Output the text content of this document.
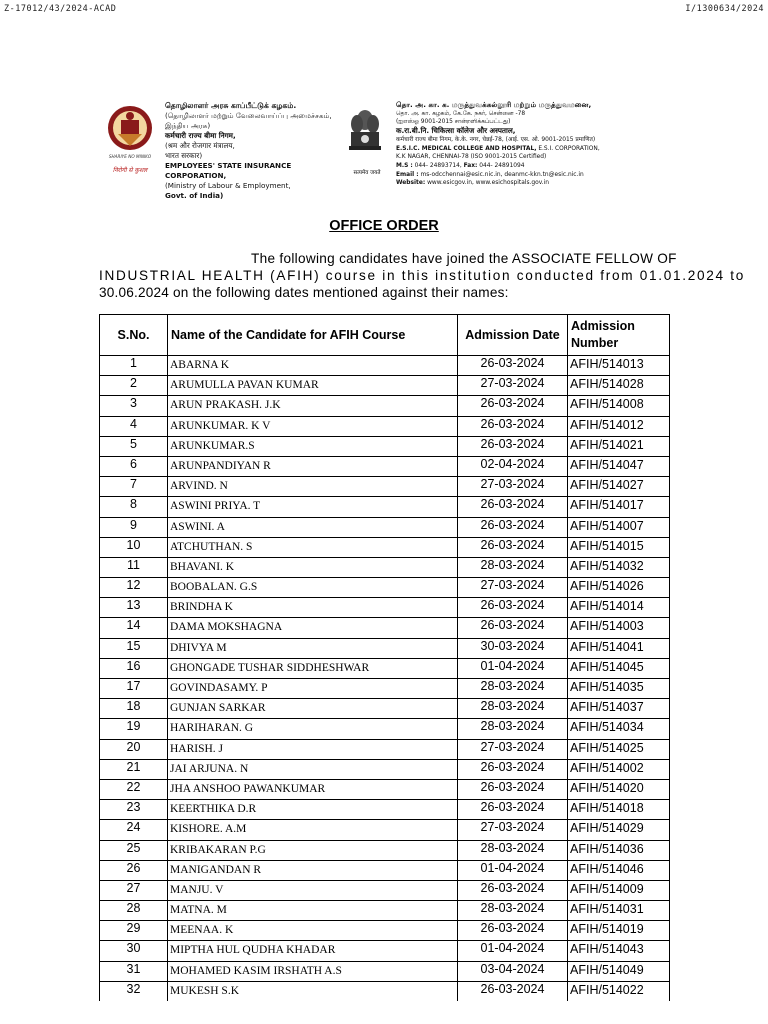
Z-17012/43/2024-ACAD	I/1300634/2024
SHARIYE NO MINIKO
निरोगी से कुशल
தொழிலாளர் அரசு காப்பீட்டுக் கழகம்.
(தொழிலாளர் மற்றும் வேலைவாய்ப்பு அமைச்சகம்,
இந்திய அரசு)
कर्मचारी राज्य बीमा निगम,
(श्रम और रोजगार मंत्रालय,
भारत सरकार)
EMPLOYEES' STATE INSURANCE CORPORATION,
(Ministry of Labour & Employment,
Govt. of India)
सत्यमेव जयते
தொ. அ. கா. க. மருத்துவக்கல்லூரி மற்றும் மருத்துவமனை,
தொ. அ. கா. கழகம், கே.கே. நகர், சென்னை -78
(ஐஎஸ்ஓ 9001-2015 சான்றளிக்கப்பட்டது)
क.रा.बी.नि. चिकित्सा कॉलेज और अस्पताल,
कर्मचारी राज्य बीमा निगम, के.के. नगर, चेन्नई-78, (आई. एस. ओ. 9001-2015 प्रमाणित)
E.S.I.C. MEDICAL COLLEGE AND HOSPITAL, E.S.I. CORPORATION,
K.K NAGAR, CHENNAI-78 (ISO 9001-2015 Certified)
M.S : 044- 24893714, Fax: 044- 24891094
Email : ms-odcchennai@esic.nic.in, deanmc-kkn.tn@esic.nic.in
Website: www.esicgov.in, www.esichospitals.gov.in
OFFICE ORDER
The following candidates have joined the ASSOCIATE FELLOW OF
INDUSTRIAL HEALTH (AFIH) course in this institution conducted from 01.01.2024 to
30.06.2024 on the following dates mentioned against their names:
S.No.	Name of the Candidate for AFIH Course	Admission Date	Admission Number
1	ABARNA K	26-03-2024	AFIH/514013
2	ARUMULLA PAVAN KUMAR	27-03-2024	AFIH/514028
3	ARUN PRAKASH. J.K	26-03-2024	AFIH/514008
4	ARUNKUMAR. K V	26-03-2024	AFIH/514012
5	ARUNKUMAR.S	26-03-2024	AFIH/514021
6	ARUNPANDIYAN R	02-04-2024	AFIH/514047
7	ARVIND. N	27-03-2024	AFIH/514027
8	ASWINI PRIYA. T	26-03-2024	AFIH/514017
9	ASWINI. A	26-03-2024	AFIH/514007
10	ATCHUTHAN. S	26-03-2024	AFIH/514015
11	BHAVANI. K	28-03-2024	AFIH/514032
12	BOOBALAN. G.S	27-03-2024	AFIH/514026
13	BRINDHA K	26-03-2024	AFIH/514014
14	DAMA MOKSHAGNA	26-03-2024	AFIH/514003
15	DHIVYA M	30-03-2024	AFIH/514041
16	GHONGADE TUSHAR SIDDHESHWAR	01-04-2024	AFIH/514045
17	GOVINDASAMY. P	28-03-2024	AFIH/514035
18	GUNJAN SARKAR	28-03-2024	AFIH/514037
19	HARIHARAN. G	28-03-2024	AFIH/514034
20	HARISH. J	27-03-2024	AFIH/514025
21	JAI ARJUNA. N	26-03-2024	AFIH/514002
22	JHA ANSHOO PAWANKUMAR	26-03-2024	AFIH/514020
23	KEERTHIKA D.R	26-03-2024	AFIH/514018
24	KISHORE. A.M	27-03-2024	AFIH/514029
25	KRIBAKARAN P.G	28-03-2024	AFIH/514036
26	MANIGANDAN R	01-04-2024	AFIH/514046
27	MANJU. V	26-03-2024	AFIH/514009
28	MATNA. M	28-03-2024	AFIH/514031
29	MEENAA. K	26-03-2024	AFIH/514019
30	MIPTHA HUL QUDHA KHADAR	01-04-2024	AFIH/514043
31	MOHAMED KASIM IRSHATH A.S	03-04-2024	AFIH/514049
32	MUKESH S.K	26-03-2024	AFIH/514022
